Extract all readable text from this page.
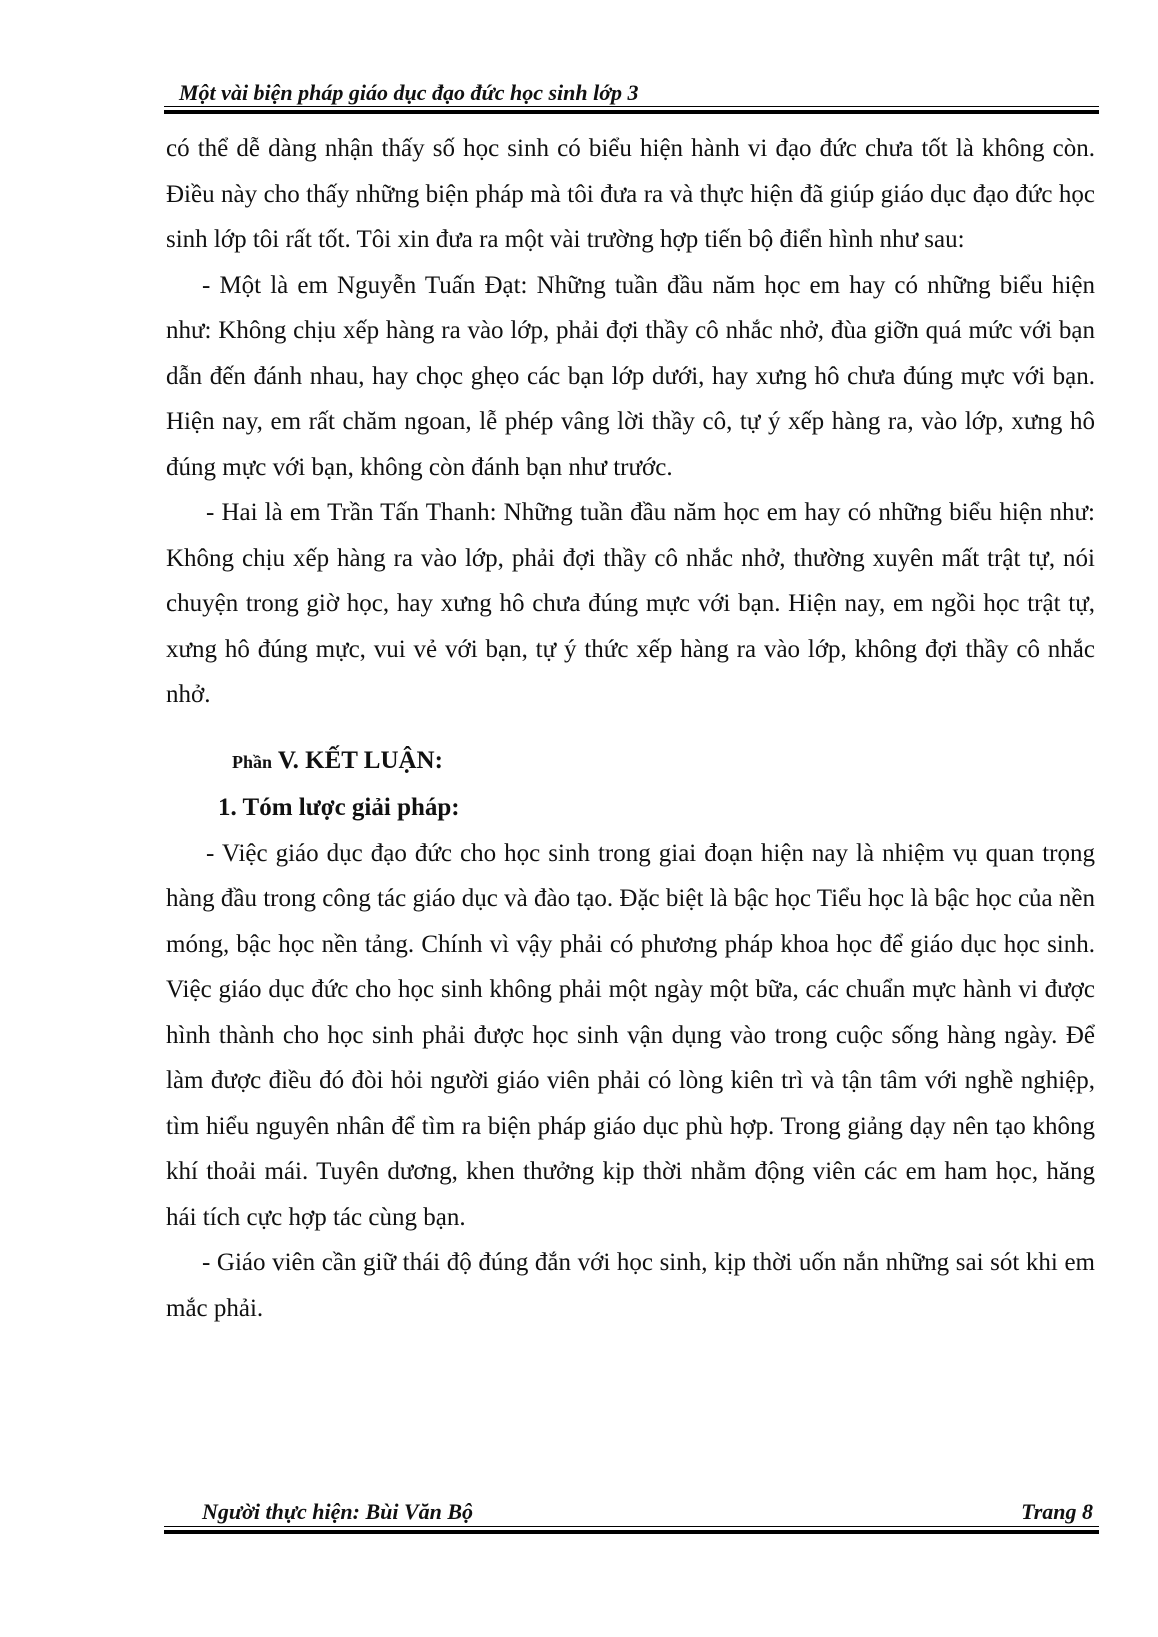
Một vài biện pháp giáo dục đạo đức học sinh lớp 3

có thể dễ dàng nhận thấy số học sinh có biểu hiện hành vi đạo đức chưa tốt là không còn. Điều này cho thấy những biện pháp mà tôi đưa ra và thực hiện đã giúp giáo dục đạo đức học sinh lớp tôi rất tốt. Tôi xin đưa ra một vài trường hợp tiến bộ điển hình như sau:

- Một là em Nguyễn Tuấn Đạt: Những tuần đầu năm học em hay có những biểu hiện như: Không chịu xếp hàng ra vào lớp, phải đợi thầy cô nhắc nhở, đùa giỡn quá mức với bạn dẫn đến đánh nhau, hay chọc ghẹo các bạn lớp dưới, hay xưng hô chưa đúng mực với bạn. Hiện nay, em rất chăm ngoan, lễ phép vâng lời thầy cô, tự ý xếp hàng ra, vào lớp, xưng hô đúng mực với bạn, không còn đánh bạn như trước.

- Hai là em Trần Tấn Thanh: Những tuần đầu năm học em hay có những biểu hiện như: Không chịu xếp hàng ra vào lớp, phải đợi thầy cô nhắc nhở, thường xuyên mất trật tự, nói chuyện trong giờ học, hay xưng hô chưa đúng mực với bạn. Hiện nay, em ngồi học trật tự, xưng hô đúng mực, vui vẻ với bạn, tự ý thức xếp hàng ra vào lớp, không đợi thầy cô nhắc nhở.

Phần V. KẾT LUẬN:
1. Tóm lược giải pháp:

- Việc giáo dục đạo đức cho học sinh trong giai đoạn hiện nay là nhiệm vụ quan trọng hàng đầu trong công tác giáo dục và đào tạo. Đặc biệt là bậc học Tiểu học là bậc học của nền móng, bậc học nền tảng. Chính vì vậy phải có phương pháp khoa học để giáo dục học sinh. Việc giáo dục đức cho học sinh không phải một ngày một bữa, các chuẩn mực hành vi được hình thành cho học sinh phải được học sinh vận dụng vào trong cuộc sống hàng ngày. Để làm được điều đó đòi hỏi người giáo viên phải có lòng kiên trì và tận tâm với nghề nghiệp, tìm hiểu nguyên nhân để tìm ra biện pháp giáo dục phù hợp. Trong giảng dạy nên tạo không khí thoải mái. Tuyên dương, khen thưởng kịp thời nhằm động viên các em ham học, hăng hái tích cực hợp tác cùng bạn.

- Giáo viên cần giữ thái độ đúng đắn với học sinh, kịp thời uốn nắn những sai sót khi em mắc phải.

Người thực hiện: Bùi Văn Bộ	Trang 8
